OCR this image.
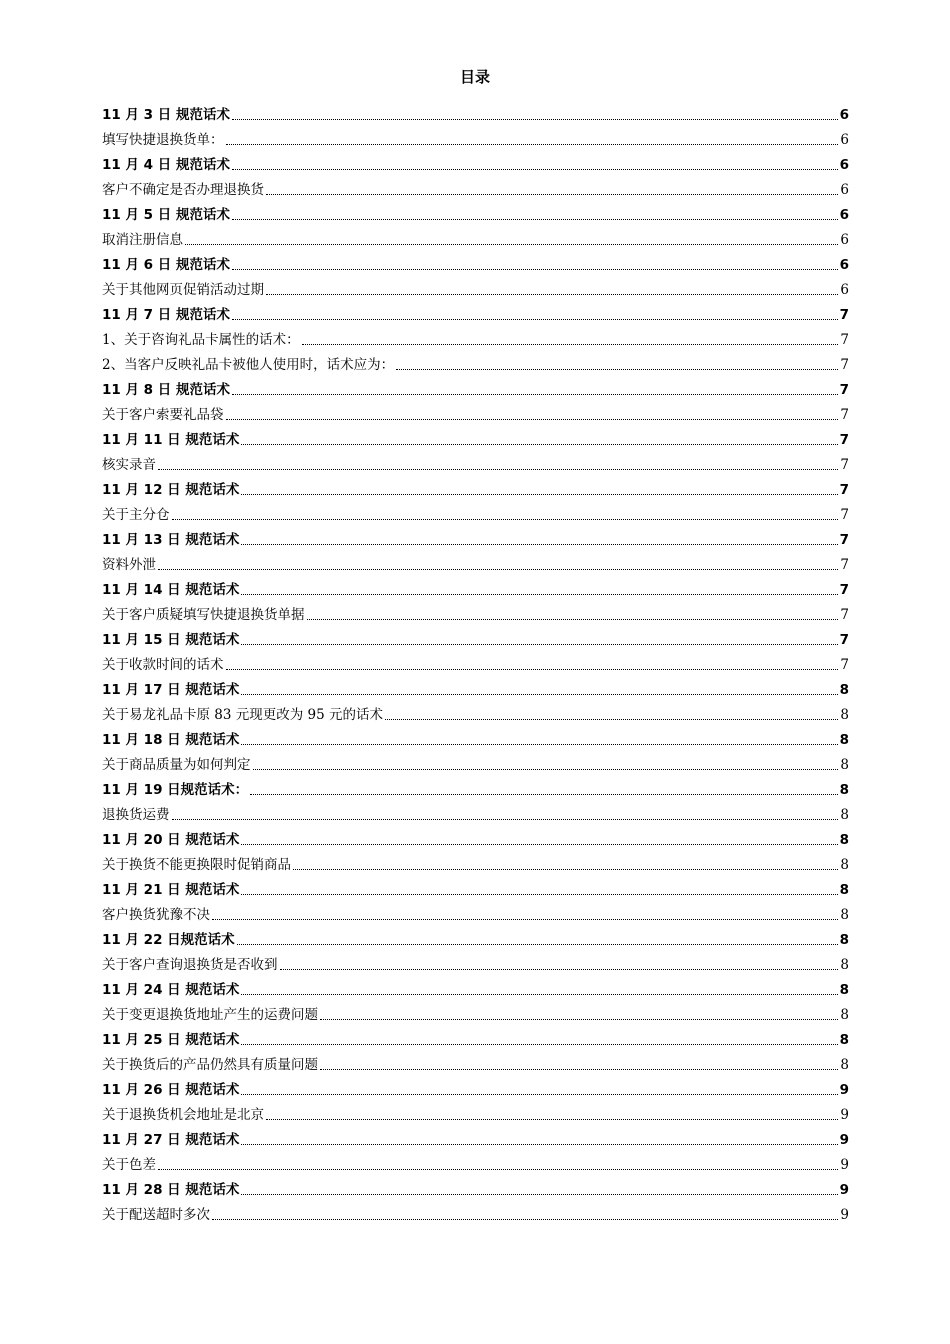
目录
11 月 3 日 规范话术	6
填写快捷退换货单：	6
11 月 4 日 规范话术	6
客户不确定是否办理退换货	6
11 月 5 日 规范话术	6
取消注册信息	6
11 月 6 日 规范话术	6
关于其他网页促销活动过期	6
11 月 7 日 规范话术	7
1、关于咨询礼品卡属性的话术：	7
2、当客户反映礼品卡被他人使用时，话术应为：	7
11 月 8 日 规范话术	7
关于客户索要礼品袋	7
11 月 11 日 规范话术	7
核实录音	7
11 月 12 日 规范话术	7
关于主分仓	7
11 月 13 日 规范话术	7
资料外泄	7
11 月 14 日 规范话术	7
关于客户质疑填写快捷退换货单据	7
11 月 15 日 规范话术	7
关于收款时间的话术	7
11 月 17 日 规范话术	8
关于易龙礼品卡原 83 元现更改为 95 元的话术	8
11 月 18 日 规范话术	8
关于商品质量为如何判定	8
11 月 19 日规范话术：	8
退换货运费	8
11 月 20 日 规范话术	8
关于换货不能更换限时促销商品	8
11 月 21 日 规范话术	8
客户换货犹豫不决	8
11 月 22 日规范话术	8
关于客户查询退换货是否收到	8
11 月 24 日 规范话术	8
关于变更退换货地址产生的运费问题	8
11 月 25 日 规范话术	8
关于换货后的产品仍然具有质量问题	8
11 月 26 日 规范话术	9
关于退换货机会地址是北京	9
11 月 27 日 规范话术	9
关于色差	9
11 月 28 日 规范话术	9
关于配送超时多次	9
